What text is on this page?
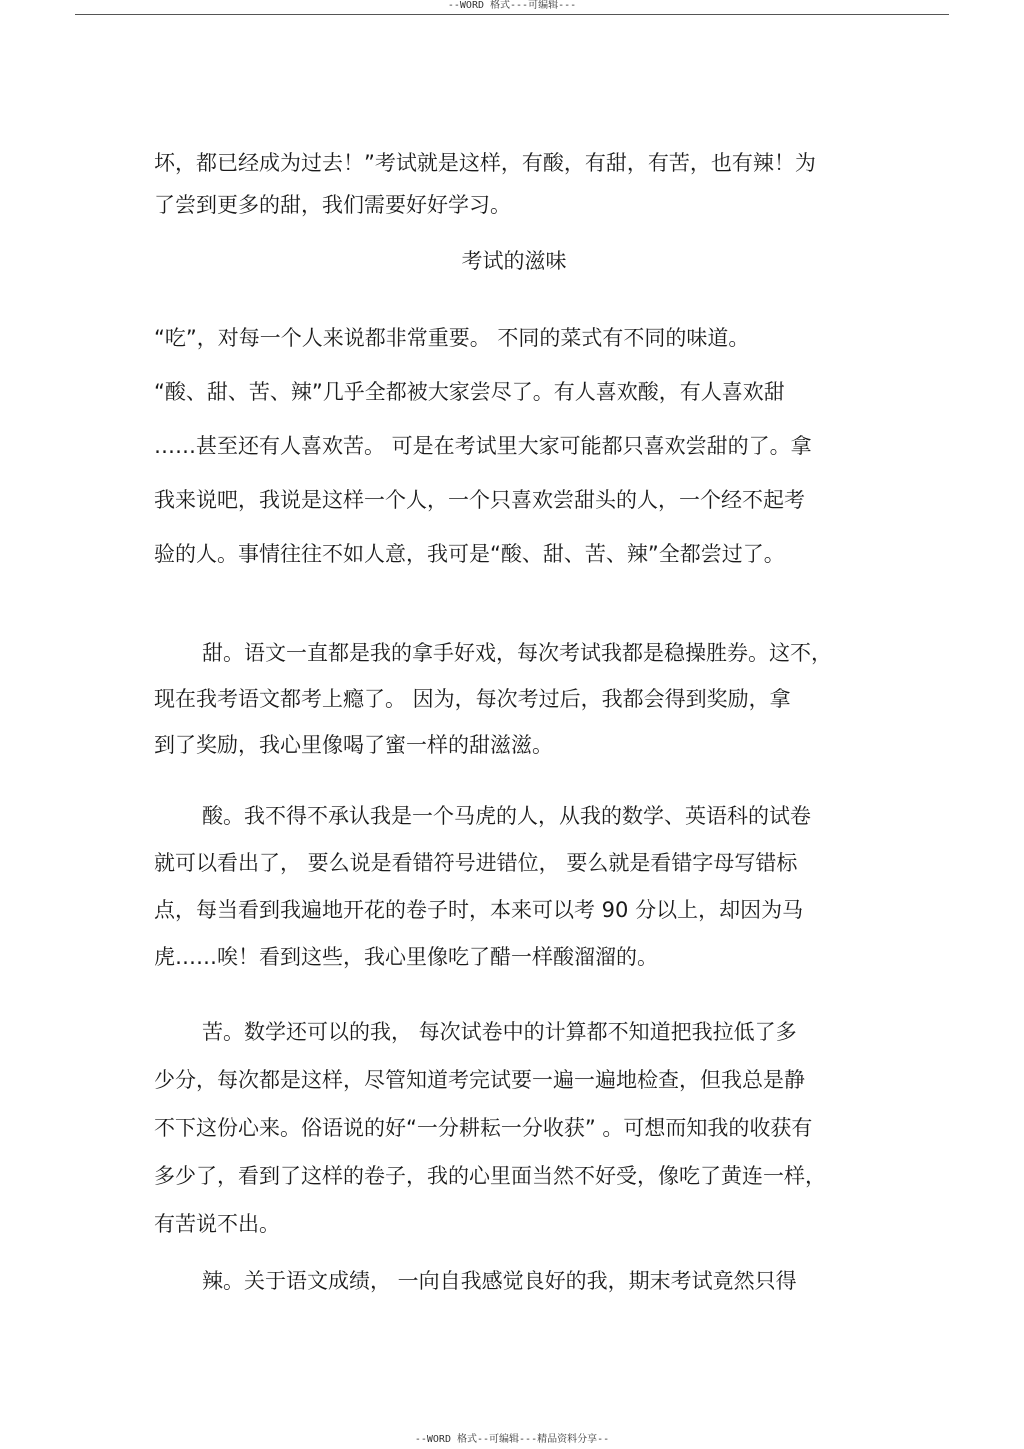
--WORD 格式---可编辑---
坏，都已经成为过去！”考试就是这样，有酸，有甜，有苦，也有辣！为
了尝到更多的甜，我们需要好好学习。
考试的滋味
“吃”，对每一个人来说都非常重要。 不同的菜式有不同的味道。
“酸、甜、苦、辣”几乎全都被大家尝尽了。有人喜欢酸，有人喜欢甜
……甚至还有人喜欢苦。 可是在考试里大家可能都只喜欢尝甜的了。拿
我来说吧，我说是这样一个人，一个只喜欢尝甜头的人，一个经不起考
验的人。事情往往不如人意，我可是“酸、甜、苦、辣”全都尝过了。
甜。语文一直都是我的拿手好戏，每次考试我都是稳操胜券。这不，
现在我考语文都考上瘾了。 因为，每次考过后，我都会得到奖励，拿
到了奖励，我心里像喝了蜜一样的甜滋滋。
酸。我不得不承认我是一个马虎的人，从我的数学、英语科的试卷
就可以看出了， 要么说是看错符号进错位， 要么就是看错字母写错标
点，每当看到我遍地开花的卷子时，本来可以考 90 分以上，却因为马
虎……唉！看到这些，我心里像吃了醋一样酸溜溜的。
苦。数学还可以的我， 每次试卷中的计算都不知道把我拉低了多
少分，每次都是这样，尽管知道考完试要一遍一遍地检查，但我总是静
不下这份心来。俗语说的好“一分耕耘一分收获” 。可想而知我的收获有
多少了，看到了这样的卷子，我的心里面当然不好受，像吃了黄连一样，
有苦说不出。
辣。关于语文成绩， 一向自我感觉良好的我，期末考试竟然只得
--WORD 格式--可编辑---精品资料分享--
